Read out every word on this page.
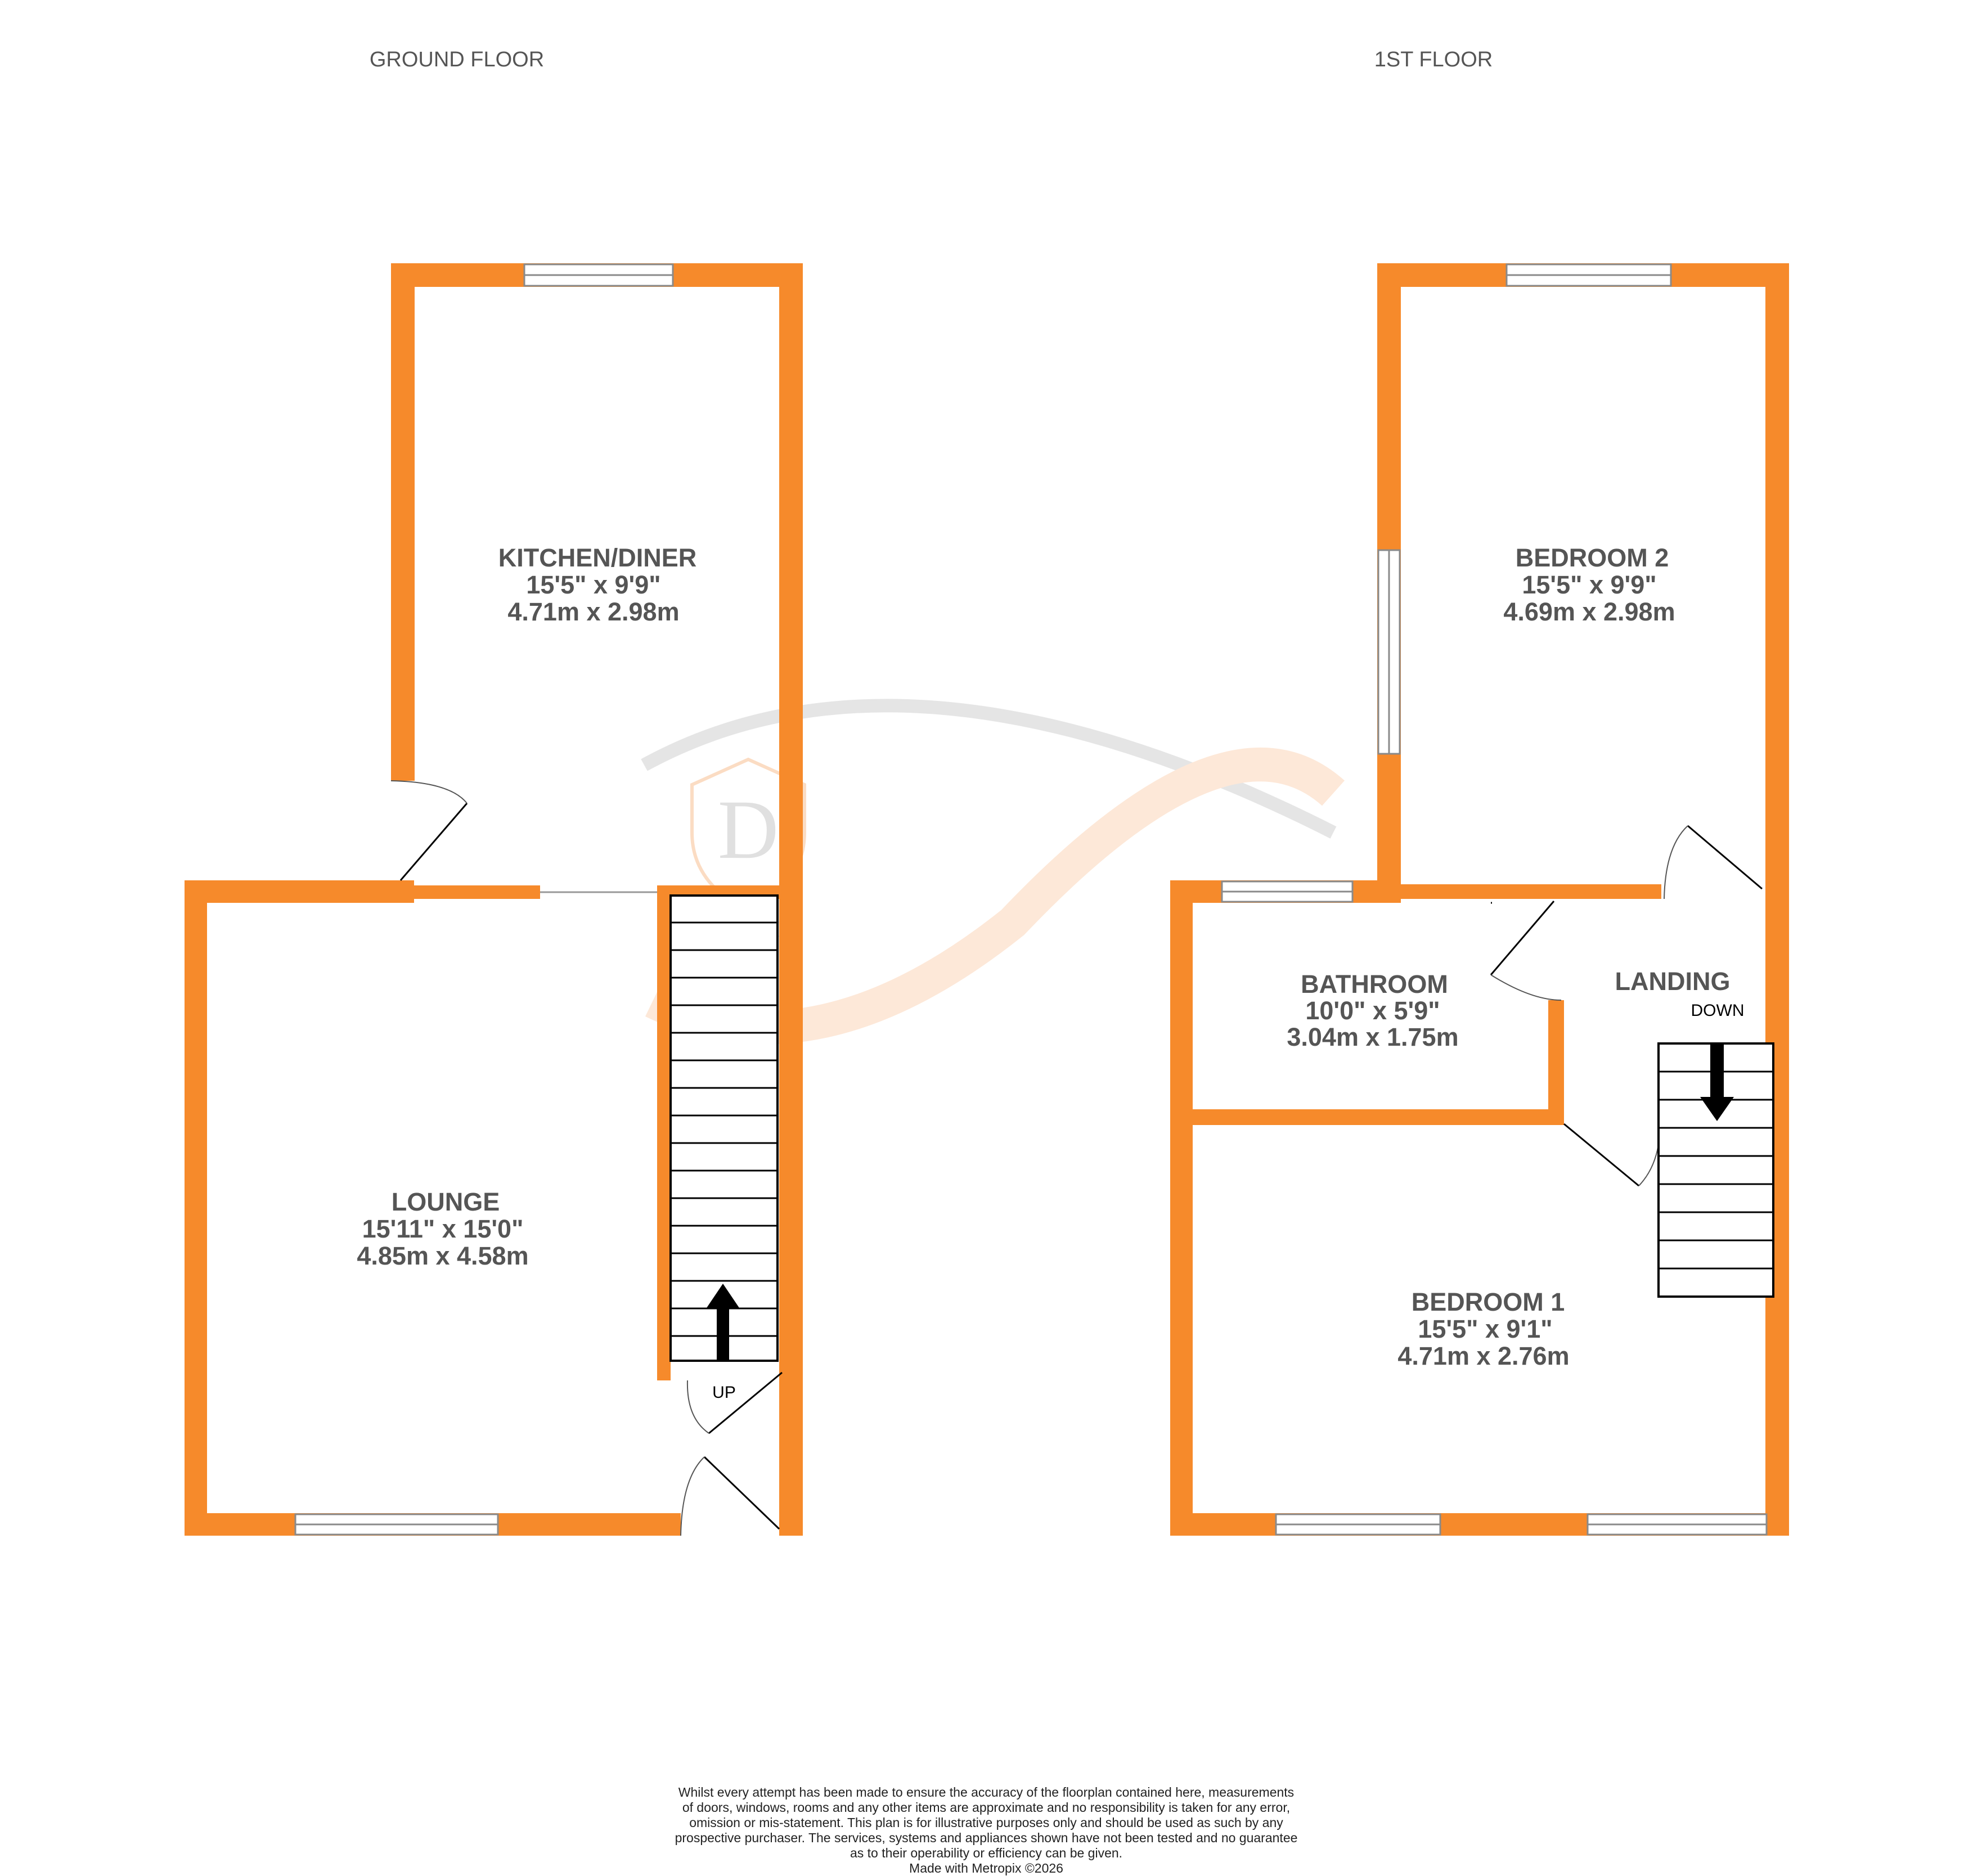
D
GROUND FLOOR	1ST FLOOR
UP
KITCHEN/DINER
15'5" x 9'9"
4.71m x 2.98m
LOUNGE
15'11" x 15'0"
4.85m x 4.58m
DOWN
BEDROOM 2
15'5" x 9'9"
4.69m x 2.98m
BATHROOM
10'0" x 5'9"
3.04m x 1.75m
LANDING
BEDROOM 1
15'5" x 9'1"
4.71m x 2.76m
Whilst every attempt has been made to ensure the accuracy of the floorplan contained here, measurements
of doors, windows, rooms and any other items are approximate and no responsibility is taken for any error,
omission or mis-statement. This plan is for illustrative purposes only and should be used as such by any
prospective purchaser. The services, systems and appliances shown have not been tested and no guarantee
as to their operability or efficiency can be given.
Made with Metropix ©2026
